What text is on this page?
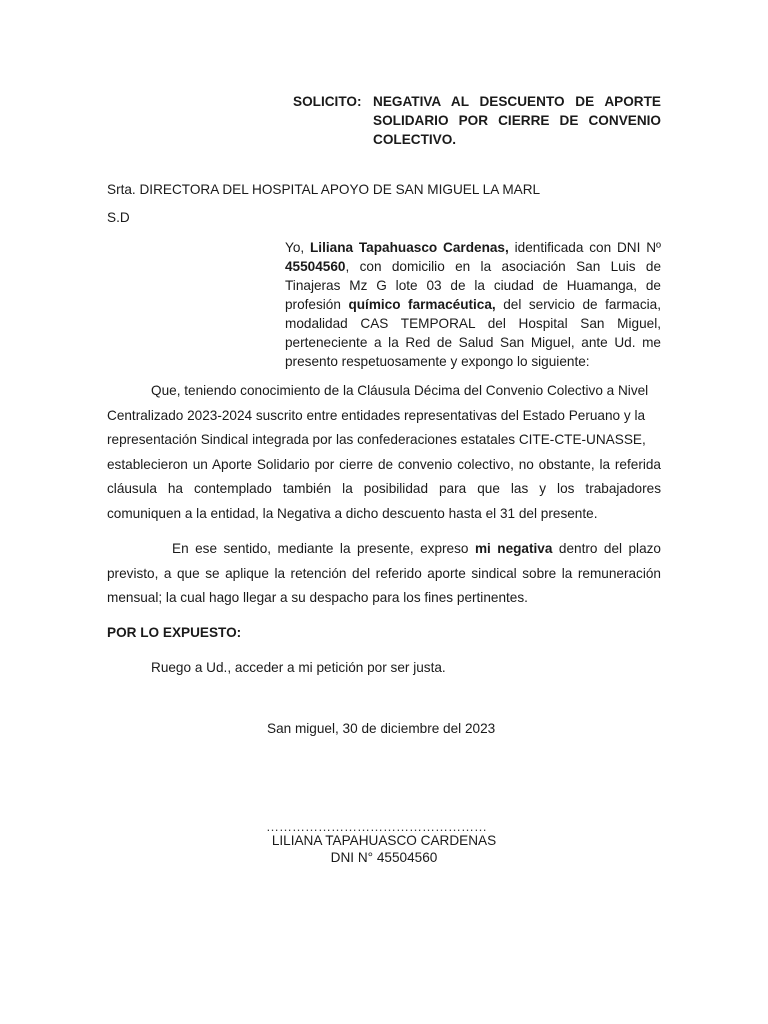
SOLICITO: NEGATIVA AL DESCUENTO DE APORTE
SOLIDARIO POR CIERRE DE CONVENIO
COLECTIVO.
Srta. DIRECTORA DEL HOSPITAL APOYO DE SAN MIGUEL LA MARL
S.D
Yo, Liliana Tapahuasco Cardenas, identificada con DNI Nº
45504560, con domicilio en la asociación San Luis de
Tinajeras Mz G lote 03 de la ciudad de Huamanga, de
profesión químico farmacéutica, del servicio de farmacia,
modalidad CAS TEMPORAL del Hospital San Miguel,
perteneciente a la Red de Salud San Miguel, ante Ud. me
presento respetuosamente y expongo lo siguiente:
Que, teniendo conocimiento de la Cláusula Décima del Convenio Colectivo a Nivel
Centralizado 2023-2024 suscrito entre entidades representativas del Estado Peruano y la
representación Sindical integrada por las confederaciones estatales CITE-CTE-UNASSE,
establecieron un Aporte Solidario por cierre de convenio colectivo, no obstante, la referida
cláusula ha contemplado también la posibilidad para que las y los trabajadores
comuniquen a la entidad, la Negativa a dicho descuento hasta el 31 del presente.
En ese sentido, mediante la presente, expreso mi negativa dentro del plazo
previsto, a que se aplique la retención del referido aporte sindical sobre la remuneración
mensual; la cual hago llegar a su despacho para los fines pertinentes.
POR LO EXPUESTO:
Ruego a Ud., acceder a mi petición por ser justa.
San miguel, 30 de diciembre del 2023
……………………………………………
LILIANA TAPAHUASCO CARDENAS
DNI N° 45504560
